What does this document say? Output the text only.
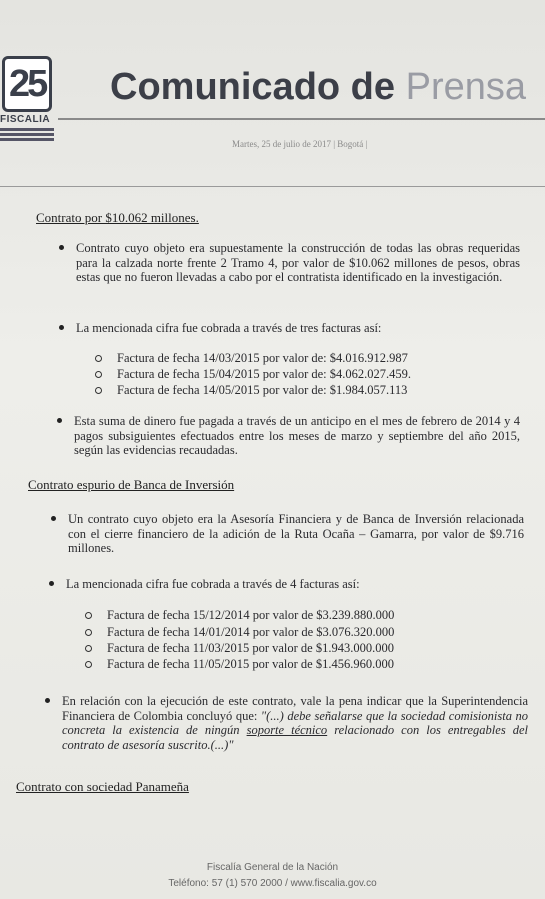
25
FISCALIA
Comunicado de Prensa
Martes, 25 de julio de 2017 | Bogotá |
Contrato por $10.062 millones.
Contrato cuyo objeto era supuestamente la construcción de todas las obras requeridas para la calzada norte frente 2 Tramo 4, por valor de $10.062 millones de pesos, obras estas que no fueron llevadas a cabo por el contratista identificado en la investigación.
La mencionada cifra fue cobrada a través de tres facturas así:
Factura de fecha 14/03/2015 por valor de: $4.016.912.987
Factura de fecha 15/04/2015 por valor de: $4.062.027.459.
Factura de fecha 14/05/2015 por valor de: $1.984.057.113
Esta suma de dinero fue pagada a través de un anticipo en el mes de febrero de 2014 y 4 pagos subsiguientes efectuados entre los meses de marzo y septiembre del año 2015, según las evidencias recaudadas.
Contrato espurio de Banca de Inversión
Un contrato cuyo objeto era la Asesoría Financiera y de Banca de Inversión relacionada con el cierre financiero de la adición de la Ruta Ocaña – Gamarra, por valor de $9.716 millones.
La mencionada cifra fue cobrada a través de 4 facturas así:
Factura de fecha 15/12/2014 por valor de $3.239.880.000
Factura de fecha 14/01/2014 por valor de $3.076.320.000
Factura de fecha 11/03/2015 por valor de $1.943.000.000
Factura de fecha 11/05/2015 por valor de $1.456.960.000
En relación con la ejecución de este contrato, vale la pena indicar que la Superintendencia Financiera de Colombia concluyó que: "(...) debe señalarse que la sociedad comisionista no concreta la existencia de ningún soporte técnico relacionado con los entregables del contrato de asesoría suscrito.(...)"
Contrato con sociedad Panameña
Fiscalía General de la Nación
Teléfono: 57 (1) 570 2000 / www.fiscalia.gov.co
